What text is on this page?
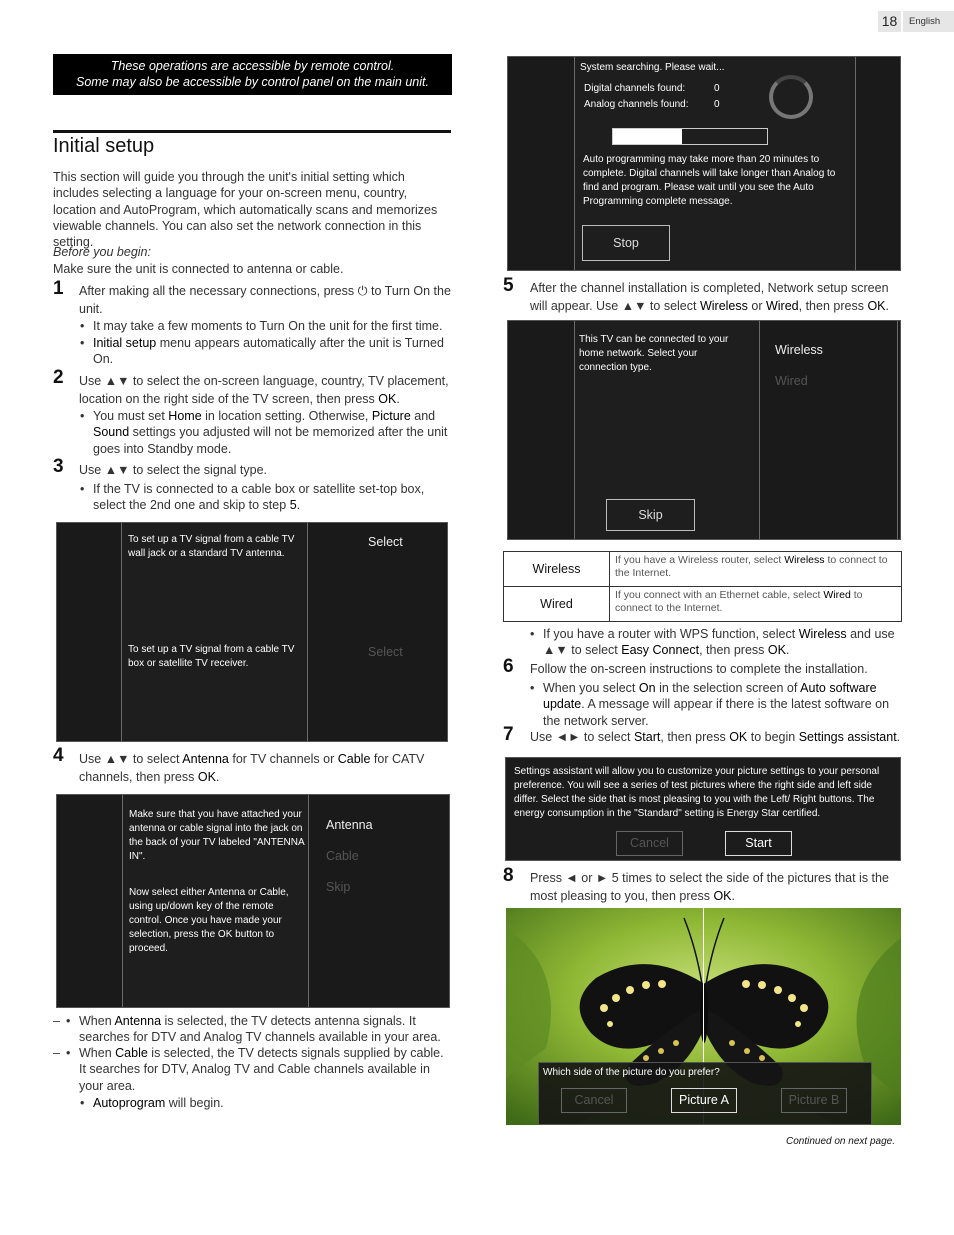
18	English
These operations are accessible by remote control.
Some may also be accessible by control panel on the main unit.
Initial setup
This section will guide you through the unit's initial setting which includes selecting a language for your on-screen menu, country, location and AutoProgram, which automatically scans and memorizes viewable channels. You can also set the network connection in this setting.
Before you begin:
Make sure the unit is connected to antenna or cable.
1 After making all the necessary connections, press ⏻ to Turn On the unit.
• It may take a few moments to Turn On the unit for the first time.
• Initial setup menu appears automatically after the unit is Turned On.
2 Use ▲▼ to select the on-screen language, country, TV placement, location on the right side of the TV screen, then press OK.
• You must set Home in location setting. Otherwise, Picture and Sound settings you adjusted will not be memorized after the unit goes into Standby mode.
3 Use ▲▼ to select the signal type.
• If the TV is connected to a cable box or satellite set-top box, select the 2nd one and skip to step 5.
To set up a TV signal from a cable TV wall jack or a standard TV antenna.
To set up a TV signal from a cable TV box or satellite TV receiver.
Select
Select
4 Use ▲▼ to select Antenna for TV channels or Cable for CATV channels, then press OK.
Make sure that you have attached your antenna or cable signal into the jack on the back of your TV labeled "ANTENNA IN".
Now select either Antenna or Cable, using up/down key of the remote control. Once you have made your selection, press the OK button to proceed.
Antenna
Cable
Skip
• – When Antenna is selected, the TV detects antenna signals. It searches for DTV and Analog TV channels available in your area.
• – When Cable is selected, the TV detects signals supplied by cable. It searches for DTV, Analog TV and Cable channels available in your area.
• Autoprogram will begin.
System searching. Please wait...
Digital channels found:	0
Analog channels found:	0
Auto programming may take more than 20 minutes to complete. Digital channels will take longer than Analog to find and program. Please wait until you see the Auto Programming complete message.
Stop
5 After the channel installation is completed, Network setup screen will appear. Use ▲▼ to select Wireless or Wired, then press OK.
This TV can be connected to your home network. Select your connection type.
Skip
Wireless
Wired
Wireless	If you have a Wireless router, select Wireless to connect to the Internet.
Wired	If you connect with an Ethernet cable, select Wired to connect to the Internet.
• If you have a router with WPS function, select Wireless and use ▲▼ to select Easy Connect, then press OK.
6 Follow the on-screen instructions to complete the installation.
• When you select On in the selection screen of Auto software update. A message will appear if there is the latest software on the network server.
7 Use ◄► to select Start, then press OK to begin Settings assistant.
Settings assistant will allow you to customize your picture settings to your personal preference. You will see a series of test pictures where the right side and left side differ. Select the side that is most pleasing to you with the Left/ Right buttons. The energy consumption in the "Standard" setting is Energy Star certified.
Cancel	Start
8 Press ◄ or ► 5 times to select the side of the pictures that is the most pleasing to you, then press OK.
Which side of the picture do you prefer?
Cancel	Picture A	Picture B
Continued on next page.
